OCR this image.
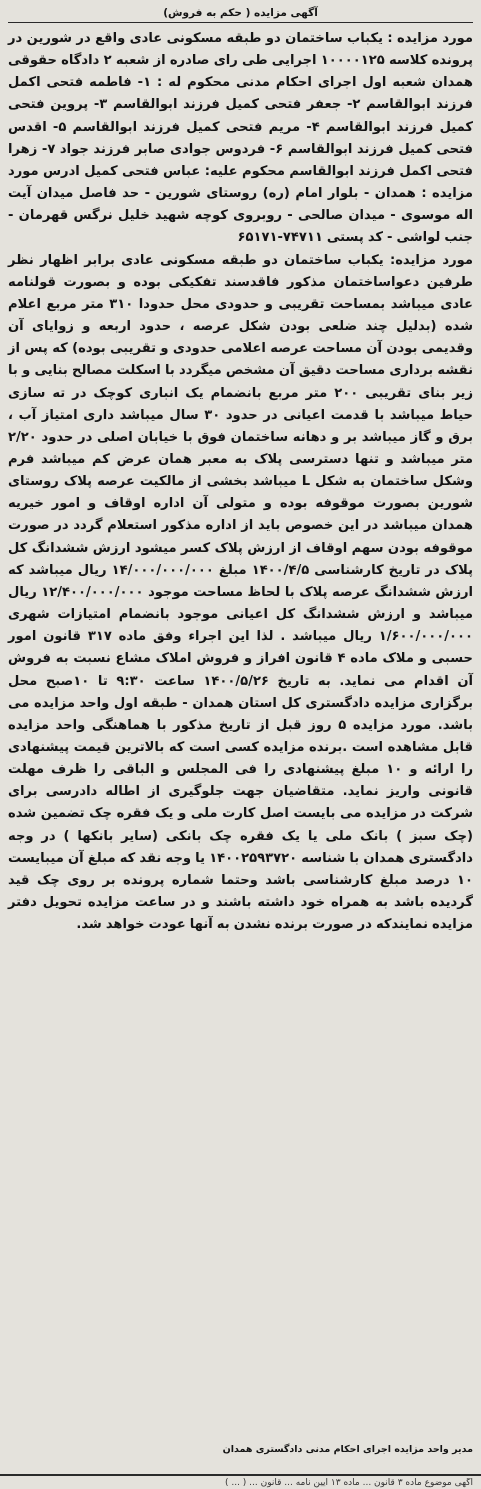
آگهی مزایده ( حکم به فروش)

مورد مزایده : یکباب ساختمان دو طبقه مسکونی عادی واقع در شورین در پرونده کلاسه ۱۰۰۰۰۱۲۵ اجرایی طی رای صادره از شعبه ۲ دادگاه حقوقی همدان شعبه اول اجرای احکام مدنی محکوم له : ۱- فاطمه فتحی اکمل فرزند ابوالقاسم ۲- جعفر فتحی کمیل فرزند ابوالقاسم ۳- پروین فتحی کمیل فرزند ابوالقاسم ۴- مریم فتحی کمیل فرزند ابوالقاسم ۵- اقدس فتحی کمیل فرزند ابوالقاسم ۶- فردوس جوادی صابر فرزند جواد ۷- زهرا فتحی اکمل فرزند ابوالقاسم محکوم علیه: عباس فتحی کمیل ادرس مورد مزایده : همدان - بلوار امام (ره) روستای شورین - حد فاصل میدان آیت اله موسوی - میدان صالحی - روبروی کوچه شهید خلیل نرگس قهرمان - جنب لواشی - کد پستی ۷۴۷۱۱-۶۵۱۷۱

مورد مزایده: یکباب ساختمان دو طبقه مسکونی عادی برابر اظهار نظر طرفین دعواساختمان مذکور فاقدسند تفکیکی بوده و بصورت قولنامه عادی میباشد بمساحت تقریبی و حدودی محل حدودا ۳۱۰ متر مربع اعلام شده (بدلیل چند ضلعی بودن شکل عرصه ، حدود اربعه و زوایای آن وقدیمی بودن آن مساحت عرصه اعلامی حدودی و تقریبی بوده) که پس از نقشه برداری مساحت دقیق آن مشخص میگردد با اسکلت مصالح بنایی و با زیر بنای تقریبی ۲۰۰ متر مربع بانضمام یک انباری کوچک در ته سازی حیاط میباشد با قدمت اعیانی در حدود ۳۰ سال میباشد داری امتیاز آب ، برق و گاز میباشد بر و دهانه ساختمان فوق با خیابان اصلی در حدود ۲/۲۰ متر میباشد و تنها دسترسی پلاک به معبر همان عرض کم میباشد فرم وشکل ساختمان به شکل L میباشد بخشی از مالکیت عرصه پلاک روستای شورین بصورت موقوفه بوده و متولی آن اداره اوقاف و امور خیریه همدان میباشد در این خصوص باید از اداره مذکور استعلام گردد در صورت موقوفه بودن سهم اوقاف از ارزش پلاک کسر میشود ارزش ششدانگ کل پلاک در تاریخ کارشناسی ۱۴۰۰/۴/۵ مبلغ ۱۴/۰۰۰/۰۰۰/۰۰۰ ریال میباشد که ارزش ششدانگ عرصه پلاک با لحاظ مساحت موجود ۱۲/۴۰۰/۰۰۰/۰۰۰ ریال میباشد و ارزش ششدانگ کل اعیانی موجود بانضمام امتیازات شهری ۱/۶۰۰/۰۰۰/۰۰۰ ریال میباشد . لذا این اجراء وفق ماده ۳۱۷ قانون امور حسبی و ملاک ماده ۴ قانون افراز و فروش املاک مشاع نسبت به فروش آن اقدام می نماید. به تاریخ ۱۴۰۰/۵/۲۶ ساعت ۹:۳۰ تا ۱۰صبح محل برگزاری مزایده دادگستری کل استان همدان - طبقه اول واحد مزایده می باشد. مورد مزایده ۵ روز قبل از تاریخ مذکور با هماهنگی واحد مزایده قابل مشاهده است .برنده مزایده کسی است که بالاترین قیمت پیشنهادی را ارائه و ۱۰ مبلغ پیشنهادی را فی المجلس و الباقی را ظرف مهلت قانونی واریز نماید. متقاضیان جهت جلوگیری از اطاله دادرسی برای شرکت در مزایده می بایست اصل کارت ملی و یک فقره چک تضمین شده (چک سبز ) بانک ملی یا یک فقره چک بانکی (سایر بانکها ) در وجه دادگستری همدان با شناسه ۱۴۰۰۲۵۹۳۷۲۰ یا وجه نقد که مبلغ آن میبایست ۱۰ درصد مبلغ کارشناسی باشد وحتما شماره پرونده بر روی چک قید گردیده باشد به همراه خود داشته باشند و در ساعت مزایده تحویل دفتر مزایده نمایندکه در صورت برنده نشدن به آنها عودت خواهد شد.

مدیر واحد مزایده اجرای احکام مدنی دادگستری همدان
آگهی موضوع ماده ۳ قانون ... ماده ۱۳ آیین نامه ... قانون ... ( ... )
